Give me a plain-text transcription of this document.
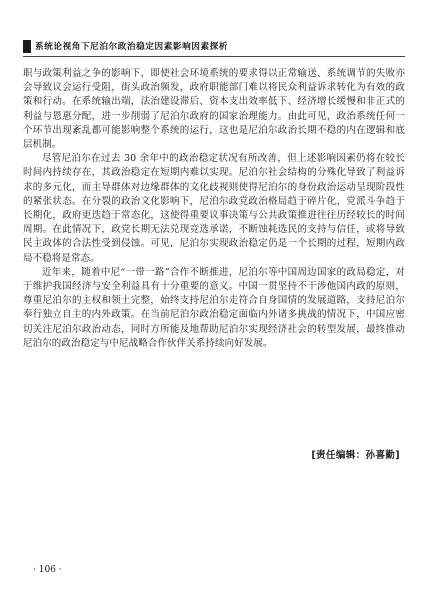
系统论视角下尼泊尔政治稳定因素影响因素探析

职与政策利益之争的影响下，即使社会环境系统的要求得以正常输送、系统调节的失败亦会导致议会运行受阻，街头政治频发，政府职能部门难以将民众利益诉求转化为有效的政策和行动。在系统输出端，法治建设滞后、资本支出效率低下、经济增长缓慢和非正式的利益与恩惠分配，进一步削弱了尼泊尔政府的国家治理能力。由此可见，政治系统任何一个环节出现紊乱都可能影响整个系统的运行，这也是尼泊尔政治长期不稳的内在逻辑和底层机制。

尽管尼泊尔在过去 30 余年中的政治稳定状况有所改善，但上述影响因素仍将在较长时间内持续存在，其政治稳定在短期内难以实现。尼泊尔社会结构的分殊化导致了利益诉求的多元化，而主导群体对边缘群体的文化歧视则使得尼泊尔的身份政治运动呈现阶段性的紧张状态。在分裂的政治文化影响下，尼泊尔政党政治格局趋于碎片化，党派斗争趋于长期化，政府更迭趋于常态化，这使得重要议事决策与公共政策推进往往历经较长的时间周期。在此情况下，政党长期无法兑现竞选承诺，不断蚀耗选民的支持与信任，或将导致民主政体的合法性受到侵蚀。可见，尼泊尔实现政治稳定仍是一个长期的过程，短期内政局不稳将是常态。

近年来，随着中尼“一带一路”合作不断推进，尼泊尔等中国周边国家的政局稳定，对于维护我国经济与安全利益具有十分重要的意义。中国一贯坚持不干涉他国内政的原则，尊重尼泊尔的主权和领土完整，始终支持尼泊尔走符合自身国情的发展道路，支持尼泊尔奉行独立自主的内外政策。在当前尼泊尔政治稳定面临内外诸多挑战的情况下，中国应密切关注尼泊尔政治动态，同时方所能及地帮助尼泊尔实现经济社会的转型发展，最终推动尼泊尔的政治稳定与中尼战略合作伙伴关系持续向好发展。

[责任编辑：孙喜勤]
· 106 ·
